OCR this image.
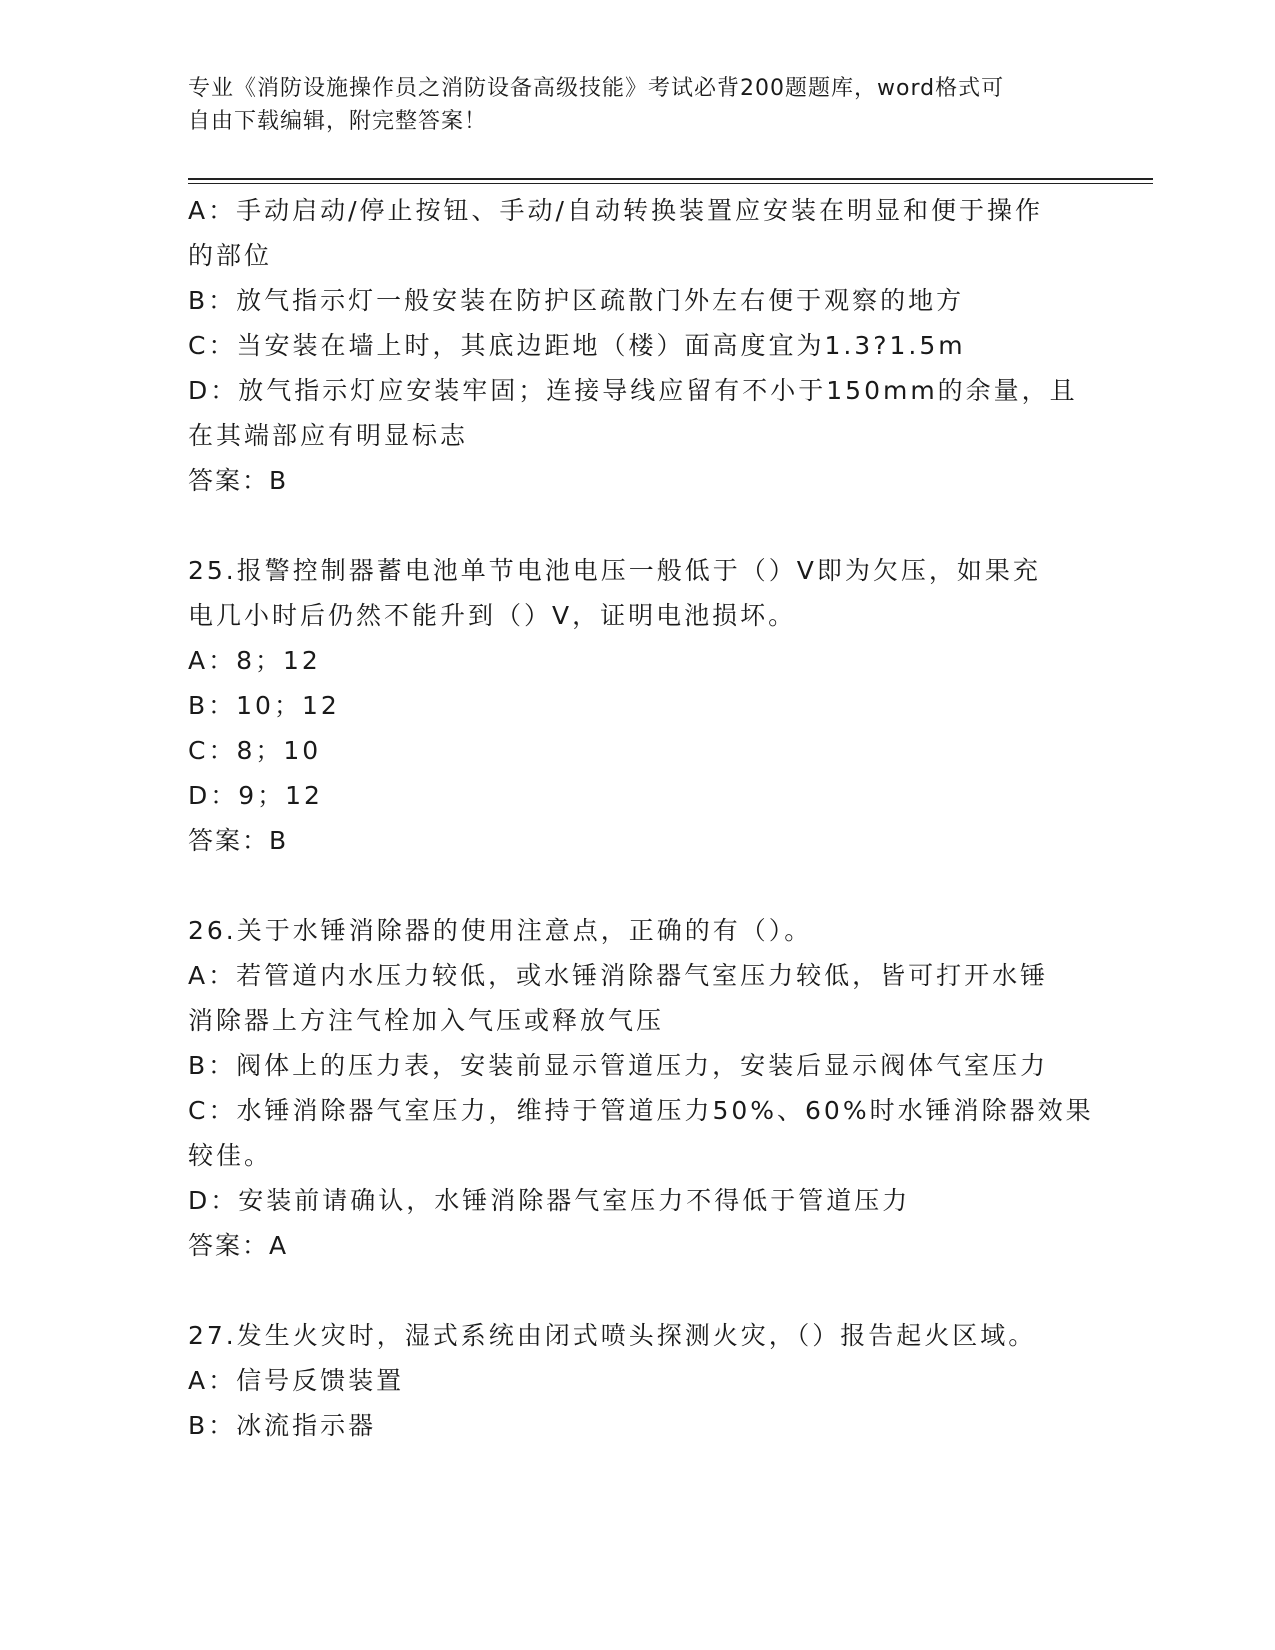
专业《消防设施操作员之消防设备高级技能》考试必背200题题库，word格式可
自由下载编辑，附完整答案！
A：手动启动/停止按钮、手动/自动转换装置应安装在明显和便于操作
的部位
B：放气指示灯一般安装在防护区疏散门外左右便于观察的地方
C：当安装在墙上时，其底边距地（楼）面高度宜为1.3?1.5m
D：放气指示灯应安装牢固；连接导线应留有不小于150mm的余量，且
在其端部应有明显标志
答案：B
25.报警控制器蓄电池单节电池电压一般低于（）V即为欠压，如果充
电几小时后仍然不能升到（）V，证明电池损坏。
A：8；12
B：10；12
C：8；10
D：9；12
答案：B
26.关于水锤消除器的使用注意点，正确的有（）。
A：若管道内水压力较低，或水锤消除器气室压力较低，皆可打开水锤
消除器上方注气栓加入气压或释放气压
B：阀体上的压力表，安装前显示管道压力，安装后显示阀体气室压力
C：水锤消除器气室压力，维持于管道压力50%、60%时水锤消除器效果
较佳。
D：安装前请确认，水锤消除器气室压力不得低于管道压力
答案：A
27.发生火灾时，湿式系统由闭式喷头探测火灾，（）报告起火区域。
A：信号反馈装置
B：冰流指示器
